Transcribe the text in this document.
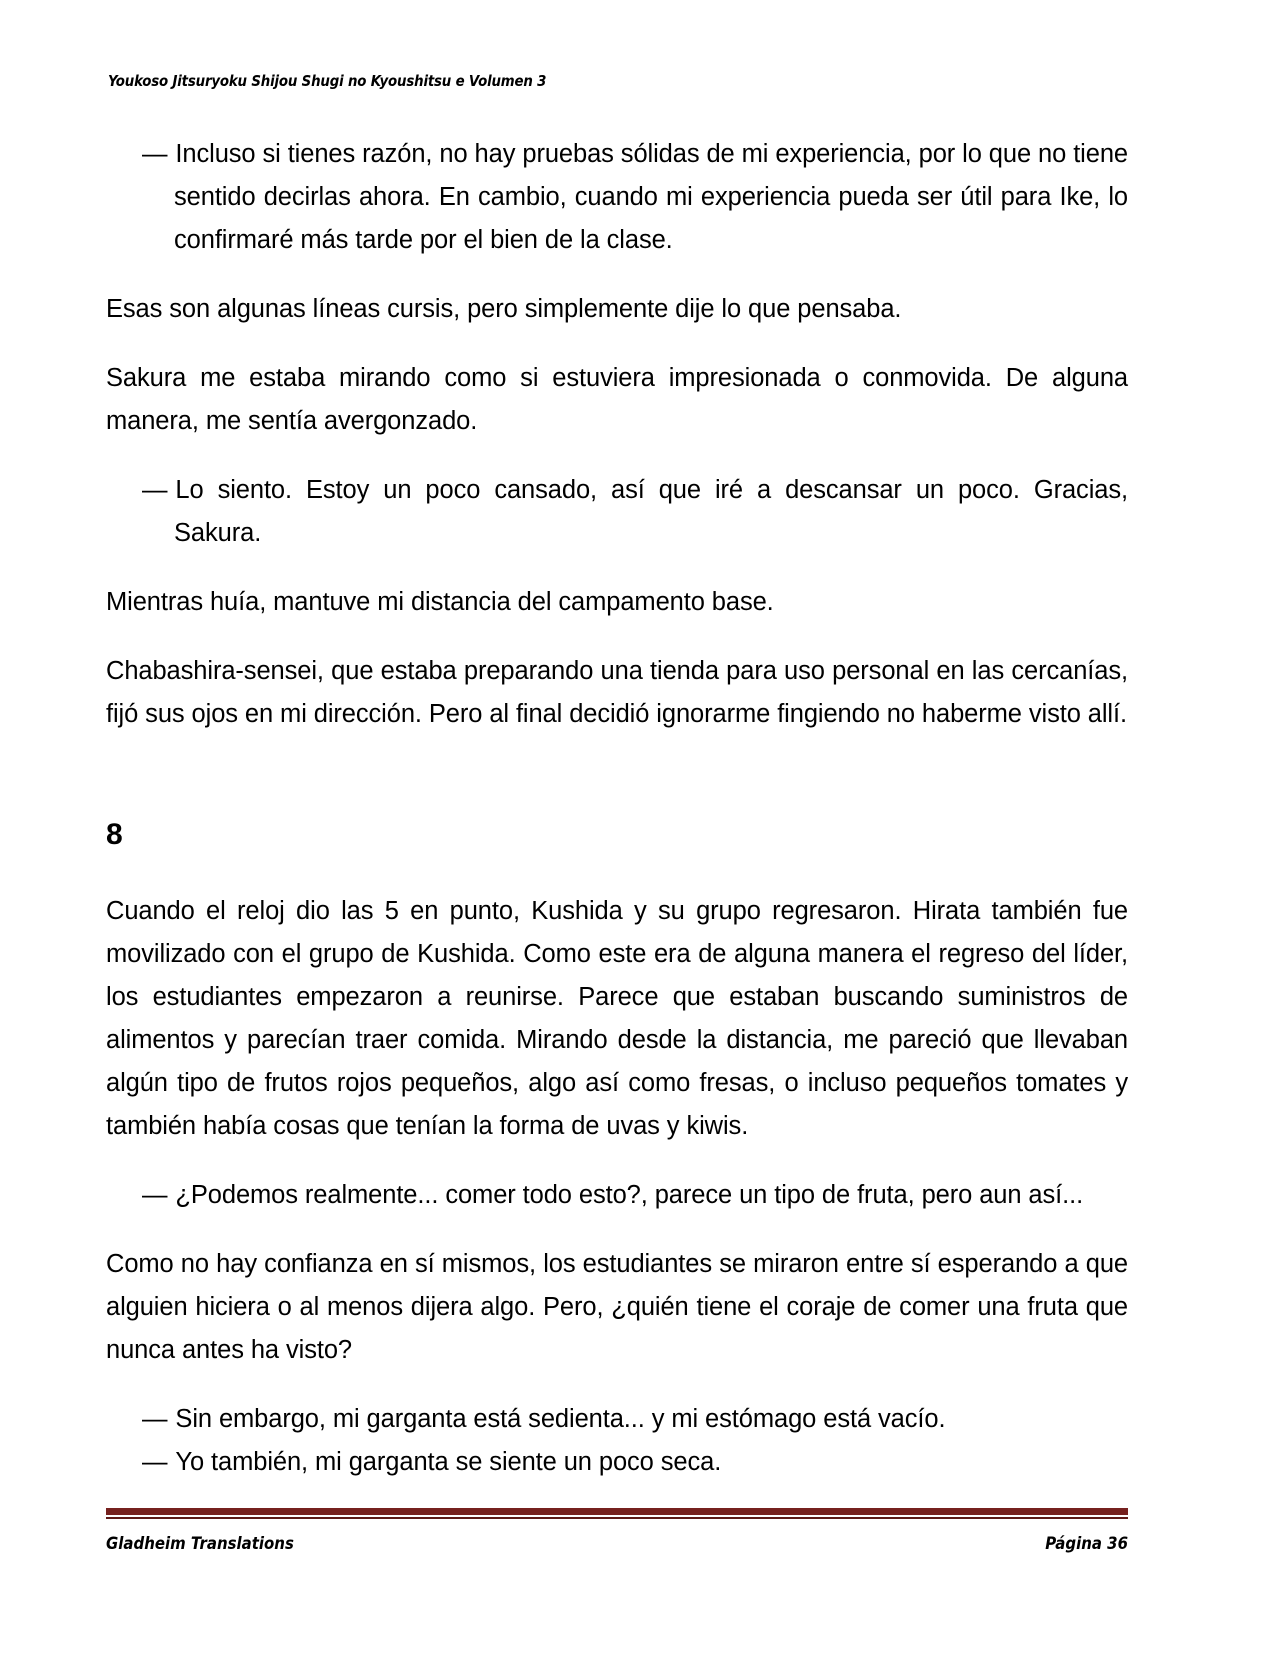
Youkoso Jitsuryoku Shijou Shugi no Kyoushitsu e Volumen 3

— Incluso si tienes razón, no hay pruebas sólidas de mi experiencia, por lo que no tiene sentido decirlas ahora. En cambio, cuando mi experiencia pueda ser útil para Ike, lo confirmaré más tarde por el bien de la clase.

Esas son algunas líneas cursis, pero simplemente dije lo que pensaba.

Sakura me estaba mirando como si estuviera impresionada o conmovida. De alguna manera, me sentía avergonzado.

— Lo siento. Estoy un poco cansado, así que iré a descansar un poco. Gracias, Sakura.

Mientras huía, mantuve mi distancia del campamento base.

Chabashira-sensei, que estaba preparando una tienda para uso personal en las cercanías, fijó sus ojos en mi dirección. Pero al final decidió ignorarme fingiendo no haberme visto allí.

8

Cuando el reloj dio las 5 en punto, Kushida y su grupo regresaron. Hirata también fue movilizado con el grupo de Kushida. Como este era de alguna manera el regreso del líder, los estudiantes empezaron a reunirse. Parece que estaban buscando suministros de alimentos y parecían traer comida. Mirando desde la distancia, me pareció que llevaban algún tipo de frutos rojos pequeños, algo así como fresas, o incluso pequeños tomates y también había cosas que tenían la forma de uvas y kiwis.

— ¿Podemos realmente... comer todo esto?, parece un tipo de fruta, pero aun así...

Como no hay confianza en sí mismos, los estudiantes se miraron entre sí esperando a que alguien hiciera o al menos dijera algo. Pero, ¿quién tiene el coraje de comer una fruta que nunca antes ha visto?

— Sin embargo, mi garganta está sedienta... y mi estómago está vacío.

— Yo también, mi garganta se siente un poco seca.

Gladheim Translations	Página 36
